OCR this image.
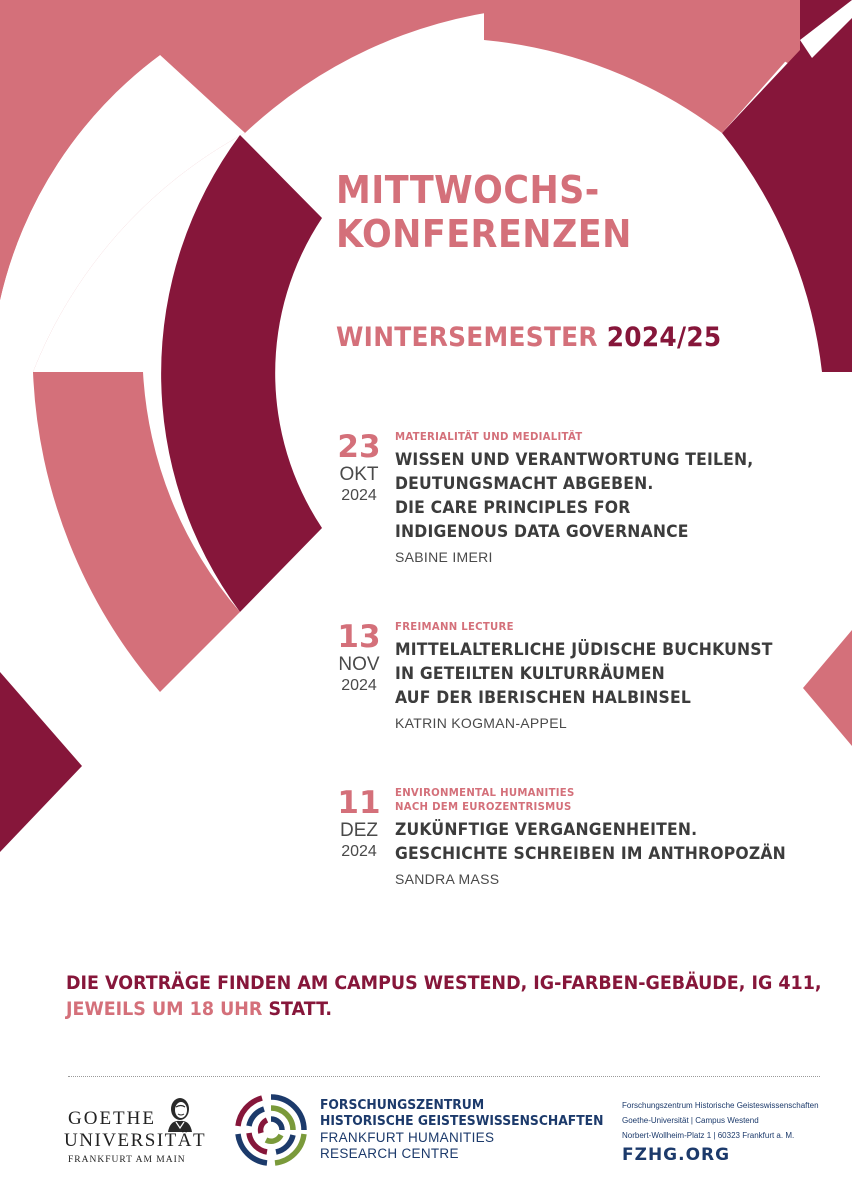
MITTWOCHS-
KONFERENZEN
WINTERSEMESTER 2024/25
23
OKT
2024
MATERIALITÄT UND MEDIALITÄT
WISSEN UND VERANTWORTUNG TEILEN,
DEUTUNGSMACHT ABGEBEN.
DIE CARE PRINCIPLES FOR
INDIGENOUS DATA GOVERNANCE
SABINE IMERI
13
NOV
2024
FREIMANN LECTURE
MITTELALTERLICHE JÜDISCHE BUCHKUNST
IN GETEILTEN KULTURRÄUMEN
AUF DER IBERISCHEN HALBINSEL
KATRIN KOGMAN-APPEL
11
DEZ
2024
ENVIRONMENTAL HUMANITIES
NACH DEM EUROZENTRISMUS
ZUKÜNFTIGE VERGANGENHEITEN.
GESCHICHTE SCHREIBEN IM ANTHROPOZÄN
SANDRA MASS
DIE VORTRÄGE FINDEN AM CAMPUS WESTEND, IG-FARBEN-GEBÄUDE, IG 411,
JEWEILS UM 18 UHR STATT.
GOETHE
UNIVERSITÄT
FRANKFURT AM MAIN
FORSCHUNGSZENTRUM
HISTORISCHE GEISTESWISSENSCHAFTEN
FRANKFURT HUMANITIES
RESEARCH CENTRE
Forschungszentrum Historische Geisteswissenschaften
Goethe-Universität | Campus Westend
Norbert-Wollheim-Platz 1 | 60323 Frankfurt a. M.
FZHG.ORG
